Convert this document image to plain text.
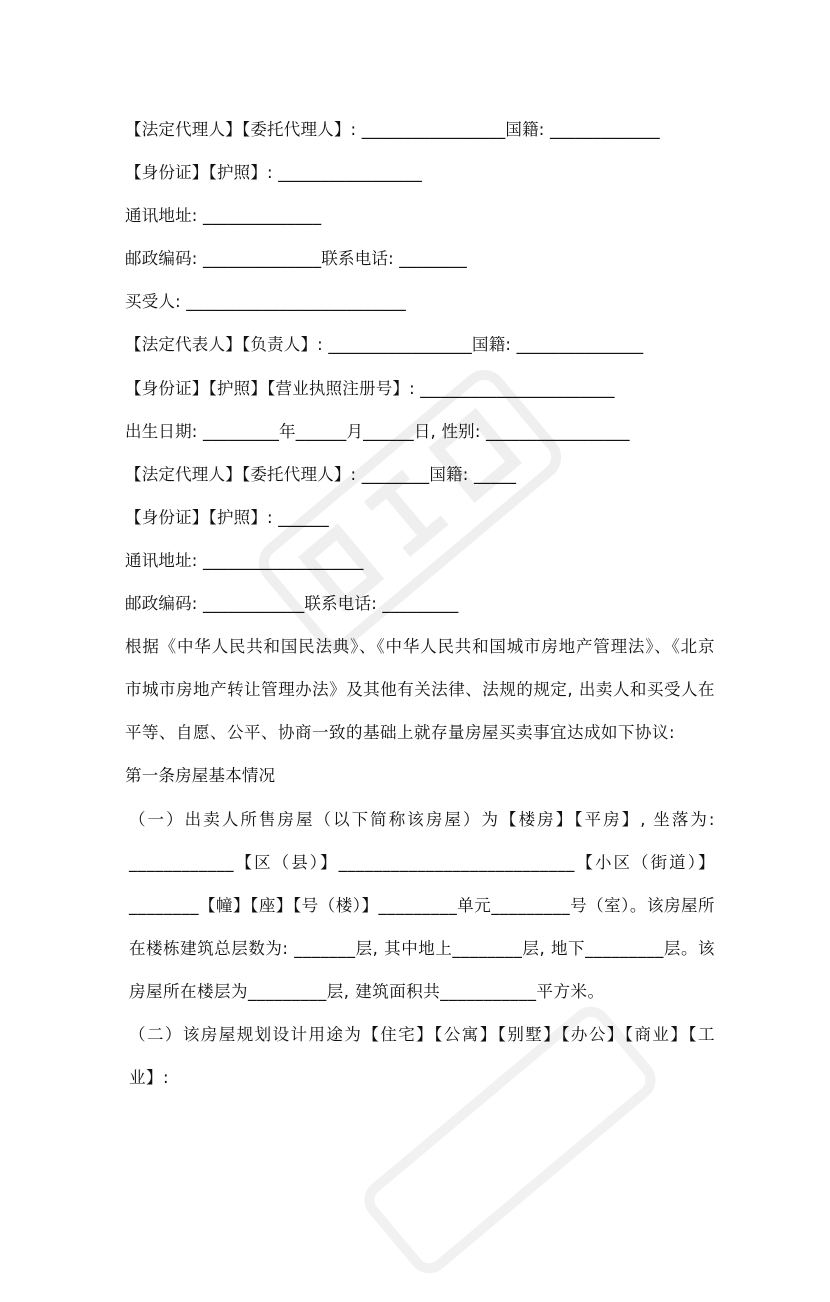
【法定代理人】【委托代理人】: _________________国籍: _____________
【身份证】【护照】: _________________
通讯地址: ______________
邮政编码: ______________联系电话: ________
买受人: __________________________
【法定代表人】【负责人】: _________________国籍: _______________
【身份证】【护照】【营业执照注册号】: _______________________
出生日期: _________年______月______日, 性别: _________________
【法定代理人】【委托代理人】: ________国籍: _____
【身份证】【护照】: ______
通讯地址: ___________________
邮政编码: ____________联系电话: _________
根据《中华人民共和国民法典》、《中华人民共和国城市房地产管理法》、《北京市城市房地产转让管理办法》及其他有关法律、法规的规定, 出卖人和买受人在平等、自愿、公平、协商一致的基础上就存量房屋买卖事宜达成如下协议:
第一条房屋基本情况
（一）出卖人所售房屋（以下简称该房屋）为【楼房】【平房】, 坐落为: ____________【区（县）】___________________________【小区（街道）】________【幢】【座】【号（楼）】_________单元_________号（室）。该房屋所在楼栋建筑总层数为: _______层, 其中地上________层, 地下_________层。该房屋所在楼层为_________层, 建筑面积共___________平方米。
（二）该房屋规划设计用途为【住宅】【公寓】【别墅】【办公】【商业】【工业】:
